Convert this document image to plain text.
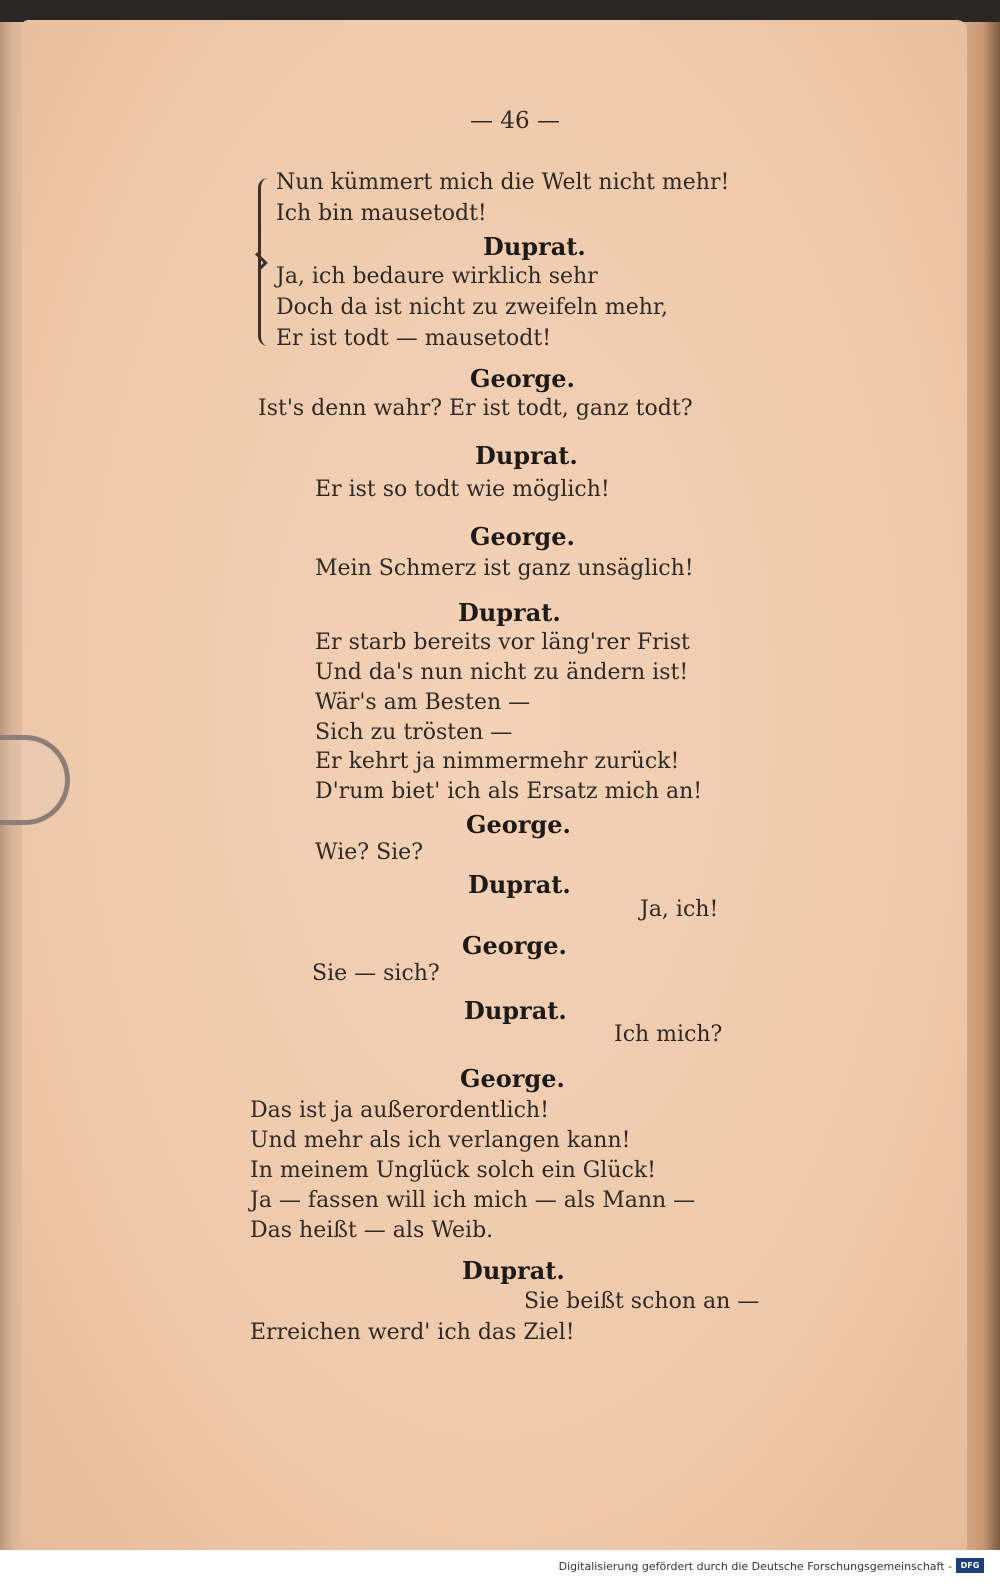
— 46 —
Nun kümmert mich die Welt nicht mehr!
Ich bin mausetodt!
Duprat.
Ja, ich bedaure wirklich sehr
Doch da ist nicht zu zweifeln mehr,
Er ist todt — mausetodt!
George.
Ist's denn wahr? Er ist todt, ganz todt?
Duprat.
Er ist so todt wie möglich!
George.
Mein Schmerz ist ganz unsäglich!
Duprat.
Er starb bereits vor läng'rer Frist
Und da's nun nicht zu ändern ist!
Wär's am Besten —
Sich zu trösten —
Er kehrt ja nimmermehr zurück!
D'rum biet' ich als Ersatz mich an!
George.
Wie? Sie?
Duprat.
Ja, ich!
George.
Sie — sich?
Duprat.
Ich mich?
George.
Das ist ja außerordentlich!
Und mehr als ich verlangen kann!
In meinem Unglück solch ein Glück!
Ja — fassen will ich mich — als Mann —
Das heißt — als Weib.
Duprat.
Sie beißt schon an —
Erreichen werd' ich das Ziel!
Digitalisierung gefördert durch die Deutsche Forschungsgemeinschaft -	DFG
